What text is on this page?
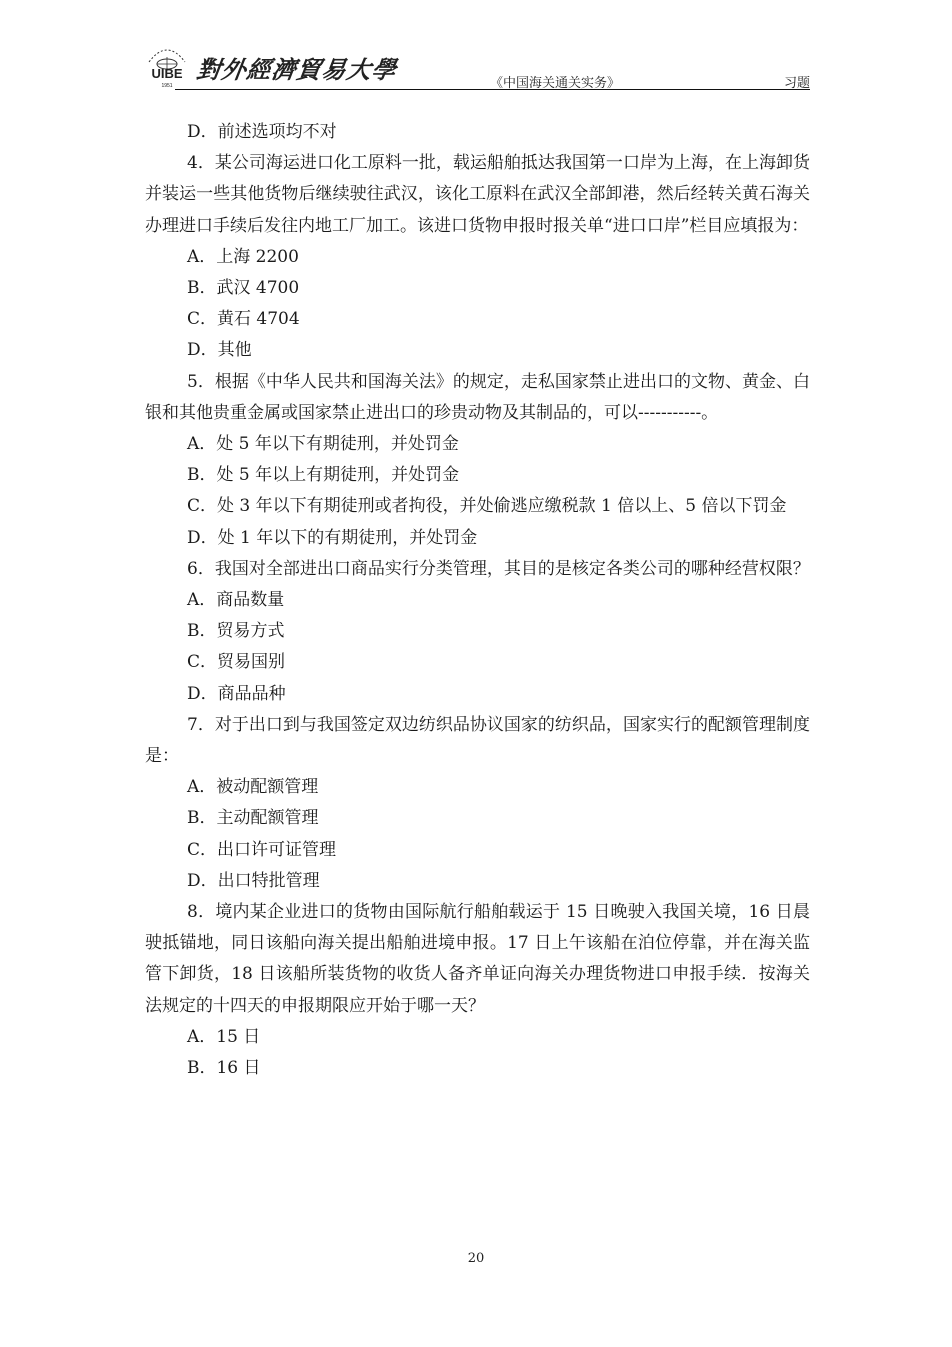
UIBE
1951
對外經濟貿易大學	《中国海关通关实务》	习题

D．前述选项均不对

4．某公司海运进口化工原料一批，载运船舶抵达我国第一口岸为上海，在上海卸货并装运一些其他货物后继续驶往武汉，该化工原料在武汉全部卸港，然后经转关黄石海关办理进口手续后发往内地工厂加工。该进口货物申报时报关单“进口口岸”栏目应填报为：

A．上海 2200

B．武汉 4700

C．黄石 4704

D．其他

5．根据《中华人民共和国海关法》的规定，走私国家禁止进出口的文物、黄金、白银和其他贵重金属或国家禁止进出口的珍贵动物及其制品的，可以-----------。

A．处 5 年以下有期徒刑，并处罚金

B．处 5 年以上有期徒刑，并处罚金

C．处 3 年以下有期徒刑或者拘役，并处偷逃应缴税款 1 倍以上、5 倍以下罚金

D．处 1 年以下的有期徒刑，并处罚金

6．我国对全部进出口商品实行分类管理，其目的是核定各类公司的哪种经营权限？

A．商品数量

B．贸易方式

C．贸易国别

D．商品品种

7．对于出口到与我国签定双边纺织品协议国家的纺织品，国家实行的配额管理制度是：

A．被动配额管理

B．主动配额管理

C．出口许可证管理

D．出口特批管理

8．境内某企业进口的货物由国际航行船舶载运于 15 日晚驶入我国关境，16 日晨驶抵锚地，同日该船向海关提出船舶进境申报。17 日上午该船在泊位停靠，并在海关监管下卸货，18 日该船所装货物的收货人备齐单证向海关办理货物进口申报手续．按海关法规定的十四天的申报期限应开始于哪一天？

A．15 日

B．16 日

20
